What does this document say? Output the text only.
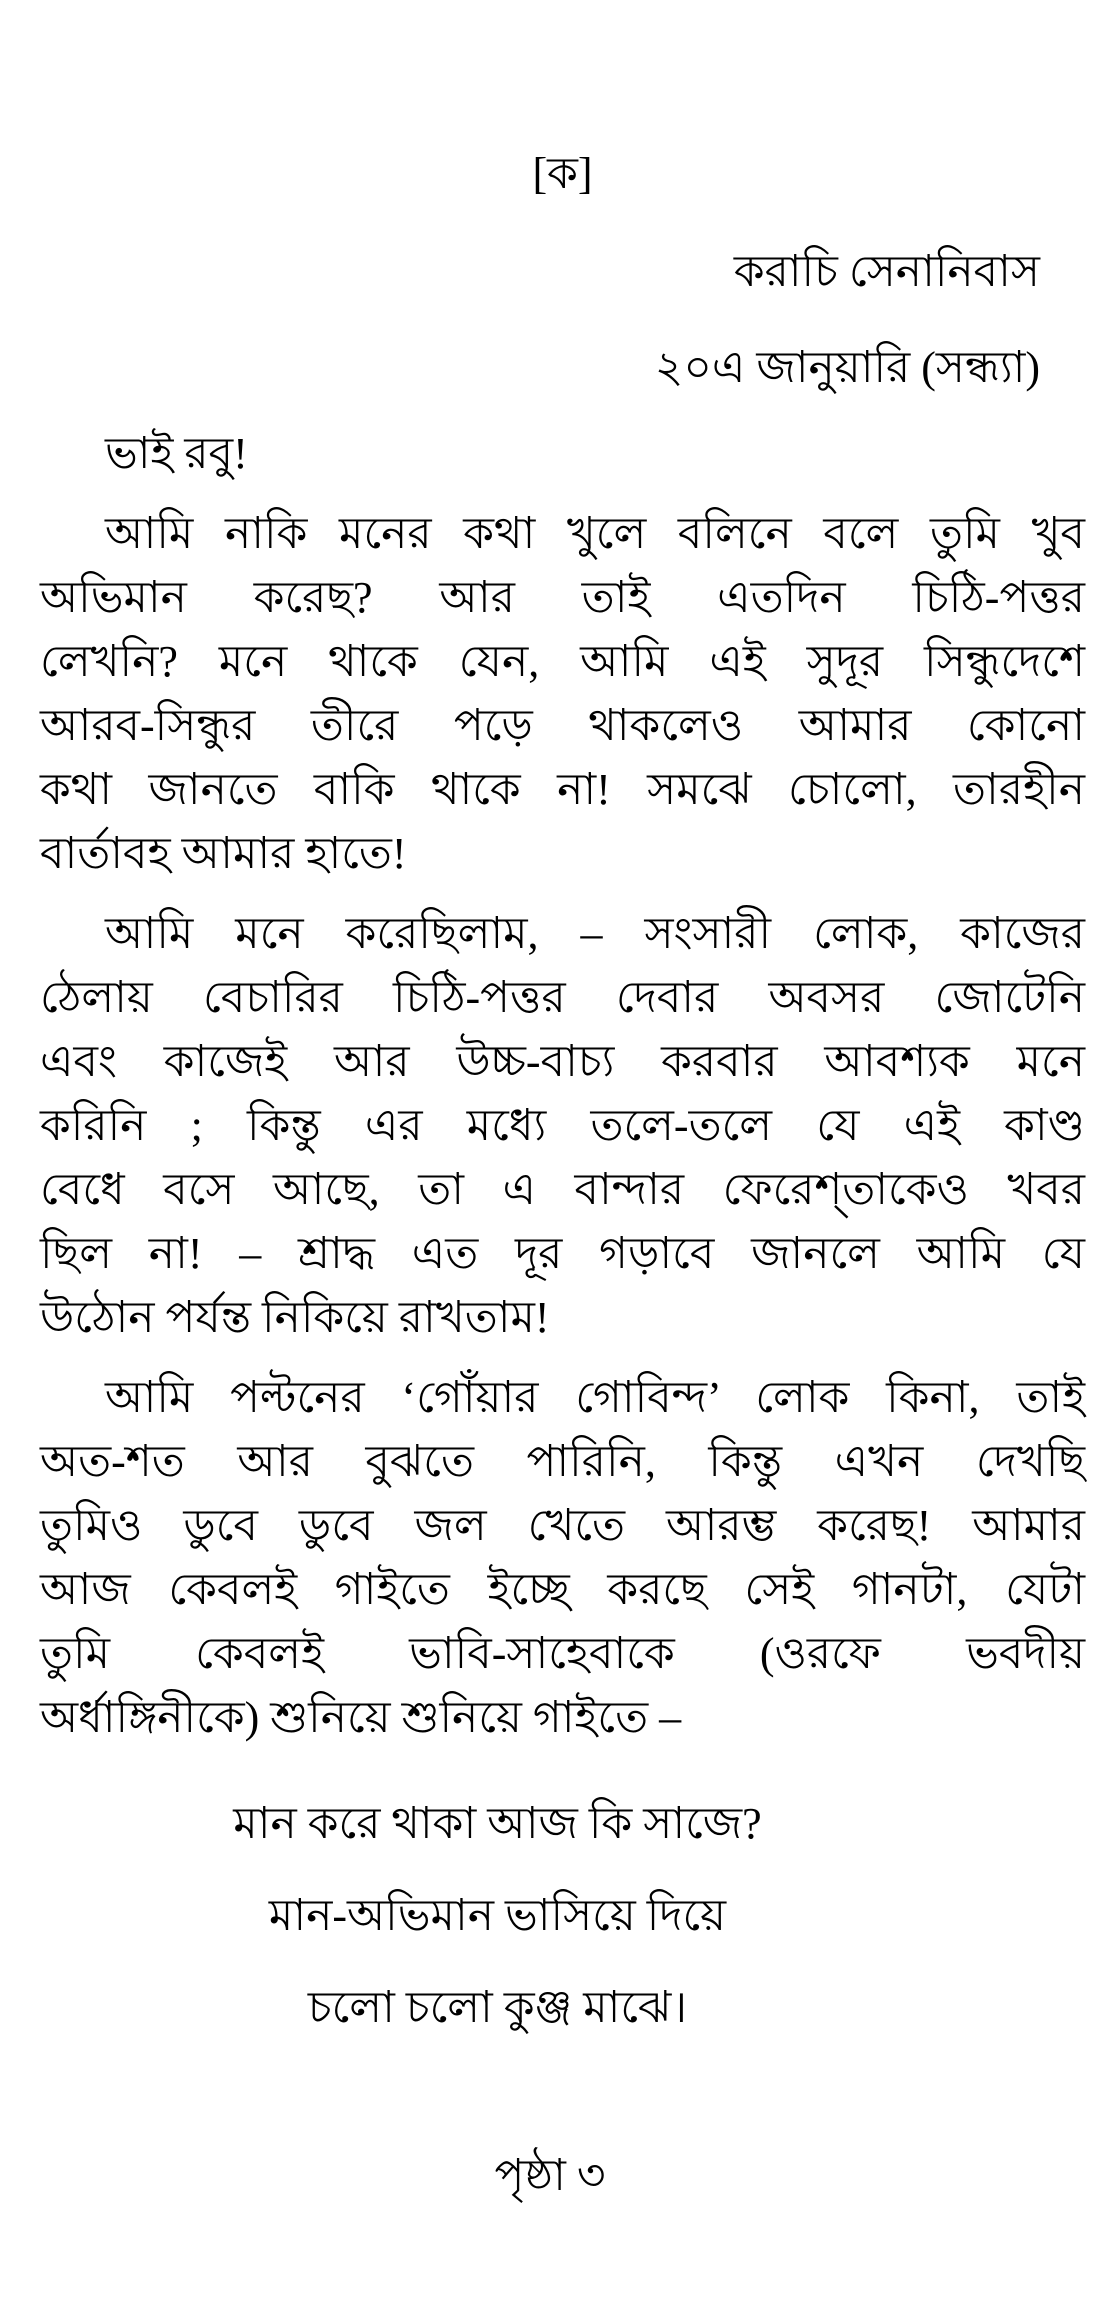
[ক]
করাচি সেনানিবাস
২০এ জানুয়ারি (সন্ধ্যা)
ভাই রবু!
আমি নাকি মনের কথা খুলে বলিনে বলে তুমি খুব
অভিমান করেছ? আর তাই এতদিন চিঠি-পত্তর
লেখনি? মনে থাকে যেন, আমি এই সুদূর সিন্ধুদেশে
আরব-সিন্ধুর তীরে পড়ে থাকলেও আমার কোনো
কথা জানতে বাকি থাকে না! সমঝে চোলো, তারহীন
বার্তাবহ আমার হাতে!
আমি মনে করেছিলাম, – সংসারী লোক, কাজের
ঠেলায় বেচারির চিঠি-পত্তর দেবার অবসর জোটেনি
এবং কাজেই আর উচ্চ-বাচ্য করবার আবশ্যক মনে
করিনি ; কিন্তু এর মধ্যে তলে-তলে যে এই কাণ্ড
বেধে বসে আছে, তা এ বান্দার ফেরেশ্‌তাকেও খবর
ছিল না! – শ্রাদ্ধ এত দূর গড়াবে জানলে আমি যে
উঠোন পর্যন্ত নিকিয়ে রাখতাম!
আমি পল্টনের ‘গোঁয়ার গোবিন্দ’ লোক কিনা, তাই
অত-শত আর বুঝতে পারিনি, কিন্তু এখন দেখছি
তুমিও ডুবে ডুবে জল খেতে আরম্ভ করেছ! আমার
আজ কেবলই গাইতে ইচ্ছে করছে সেই গানটা, যেটা
তুমি কেবলই ভাবি-সাহেবাকে (ওরফে ভবদীয়
অর্ধাঙ্গিনীকে) শুনিয়ে শুনিয়ে গাইতে –
মান করে থাকা আজ কি সাজে?
মান-অভিমান ভাসিয়ে দিয়ে
চলো চলো কুঞ্জ মাঝে।
পৃষ্ঠা ৩
